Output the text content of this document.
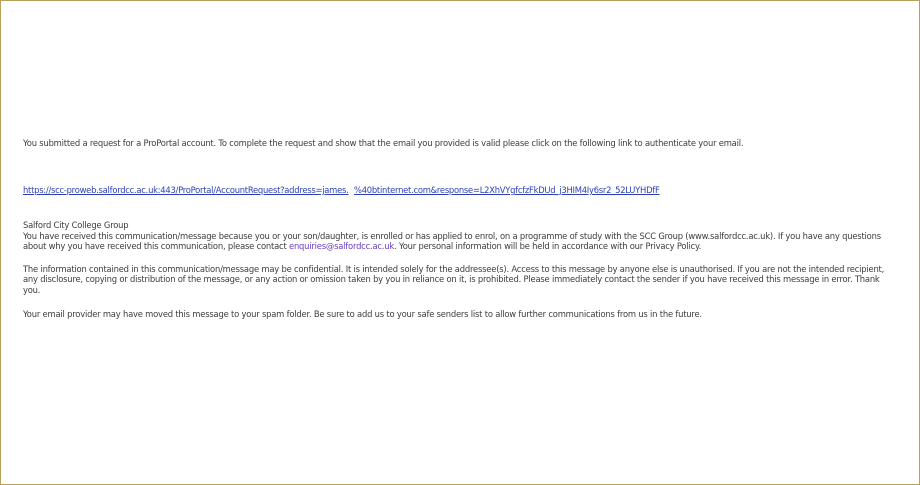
You submitted a request for a ProPortal account. To complete the request and show that the email you provided is valid please click on the following link to authenticate your email.
https://scc-proweb.salfordcc.ac.uk:443/ProPortal/AccountRequest?address=james. %40btinternet.com&response=L2XhVYgfcfzFkDUd_j3HIM4Iy6sr2_52LUYHDfF

Salford City College Group

You have received this communication/message because you or your son/daughter, is enrolled or has applied to enrol, on a programme of study with the SCC Group (www.salfordcc.ac.uk). If you have any questions about why you have received this communication, please contact enquiries@salfordcc.ac.uk. Your personal information will be held in accordance with our Privacy Policy.

The information contained in this communication/message may be confidential. It is intended solely for the addressee(s). Access to this message by anyone else is unauthorised. If you are not the intended recipient, any disclosure, copying or distribution of the message, or any action or omission taken by you in reliance on it, is prohibited. Please immediately contact the sender if you have received this message in error. Thank you.

Your email provider may have moved this message to your spam folder. Be sure to add us to your safe senders list to allow further communications from us in the future.
